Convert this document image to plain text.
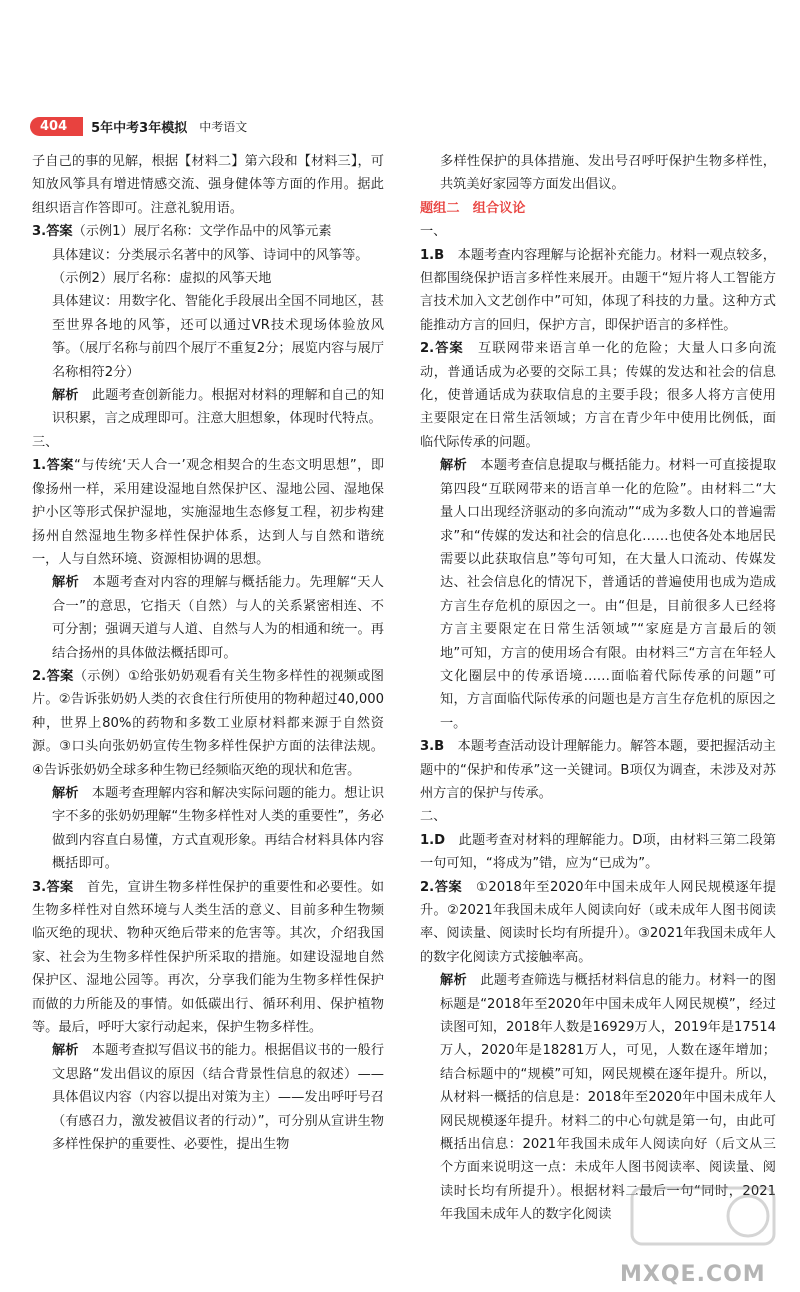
404	5年中考3年模拟 中考语文

子自己的事的见解，根据【材料二】第六段和【材料三】，可知放风筝具有增进情感交流、强身健体等方面的作用。据此组织语言作答即可。注意礼貌用语。

3.答案（示例1）展厅名称：文学作品中的风筝元素

具体建议：分类展示名著中的风筝、诗词中的风筝等。

（示例2）展厅名称：虚拟的风筝天地

具体建议：用数字化、智能化手段展出全国不同地区，甚至世界各地的风筝，还可以通过VR技术现场体验放风筝。（展厅名称与前四个展厅不重复2分；展览内容与展厅名称相符2分）

解析　此题考查创新能力。根据对材料的理解和自己的知识积累，言之成理即可。注意大胆想象，体现时代特点。

三、

1.答案“与传统‘天人合一’观念相契合的生态文明思想”，即像扬州一样，采用建设湿地自然保护区、湿地公园、湿地保护小区等形式保护湿地，实施湿地生态修复工程，初步构建扬州自然湿地生物多样性保护体系，达到人与自然和谐统一，人与自然环境、资源相协调的思想。

解析　本题考查对内容的理解与概括能力。先理解“天人合一”的意思，它指天（自然）与人的关系紧密相连、不可分割；强调天道与人道、自然与人为的相通和统一。再结合扬州的具体做法概括即可。

2.答案（示例）①给张奶奶观看有关生物多样性的视频或图片。②告诉张奶奶人类的衣食住行所使用的物种超过40,000种，世界上80%的药物和多数工业原材料都来源于自然资源。③口头向张奶奶宣传生物多样性保护方面的法律法规。④告诉张奶奶全球多种生物已经频临灭绝的现状和危害。

解析　本题考查理解内容和解决实际问题的能力。想让识字不多的张奶奶理解“生物多样性对人类的重要性”，务必做到内容直白易懂，方式直观形象。再结合材料具体内容概括即可。

3.答案　首先，宣讲生物多样性保护的重要性和必要性。如生物多样性对自然环境与人类生活的意义、目前多种生物频临灭绝的现状、物种灭绝后带来的危害等。其次，介绍我国家、社会为生物多样性保护所采取的措施。如建设湿地自然保护区、湿地公园等。再次，分享我们能为生物多样性保护而做的力所能及的事情。如低碳出行、循环利用、保护植物等。最后，呼吁大家行动起来，保护生物多样性。

解析　本题考查拟写倡议书的能力。根据倡议书的一般行文思路“发出倡议的原因（结合背景性信息的叙述）——具体倡议内容（内容以提出对策为主）——发出呼吁号召（有感召力，激发被倡议者的行动）”，可分别从宣讲生物多样性保护的重要性、必要性，提出生物

多样性保护的具体措施、发出号召呼吁保护生物多样性，共筑美好家园等方面发出倡议。

题组二　组合议论

一、

1.B　本题考查内容理解与论据补充能力。材料一观点较多，但都围绕保护语言多样性来展开。由题干“短片将人工智能方言技术加入文艺创作中”可知，体现了科技的力量。这种方式能推动方言的回归，保护方言，即保护语言的多样性。

2.答案　互联网带来语言单一化的危险；大量人口多向流动，普通话成为必要的交际工具；传媒的发达和社会的信息化，使普通话成为获取信息的主要手段；很多人将方言使用主要限定在日常生活领域；方言在青少年中使用比例低，面临代际传承的问题。

解析　本题考查信息提取与概括能力。材料一可直接提取第四段“互联网带来的语言单一化的危险”。由材料二“大量人口出现经济驱动的多向流动”“成为多数人口的普遍需求”和“传媒的发达和社会的信息化……也使各处本地居民需要以此获取信息”等句可知，在大量人口流动、传媒发达、社会信息化的情况下，普通话的普遍使用也成为造成方言生存危机的原因之一。由“但是，目前很多人已经将方言主要限定在日常生活领域”“家庭是方言最后的领地”可知，方言的使用场合有限。由材料三“方言在年轻人文化圈层中的传承语境……面临着代际传承的问题”可知，方言面临代际传承的问题也是方言生存危机的原因之一。

3.B　本题考查活动设计理解能力。解答本题，要把握活动主题中的“保护和传承”这一关键词。B项仅为调查，未涉及对苏州方言的保护与传承。

二、

1.D　此题考查对材料的理解能力。D项，由材料三第二段第一句可知，“将成为”错，应为“已成为”。

2.答案　①2018年至2020年中国未成年人网民规模逐年提升。②2021年我国未成年人阅读向好（或未成年人图书阅读率、阅读量、阅读时长均有所提升）。③2021年我国未成年人的数字化阅读方式接触率高。

解析　此题考查筛选与概括材料信息的能力。材料一的图标题是“2018年至2020年中国未成年人网民规模”，经过读图可知，2018年人数是16929万人，2019年是17514万人，2020年是18281万人，可见，人数在逐年增加；结合标题中的“规模”可知，网民规模在逐年提升。所以，从材料一概括的信息是：2018年至2020年中国未成年人网民规模逐年提升。材料二的中心句就是第一句，由此可概括出信息：2021年我国未成年人阅读向好（后文从三个方面来说明这一点：未成年人图书阅读率、阅读量、阅读时长均有所提升）。根据材料二最后一句“同时，2021年我国未成年人的数字化阅读

MXQE.COM
